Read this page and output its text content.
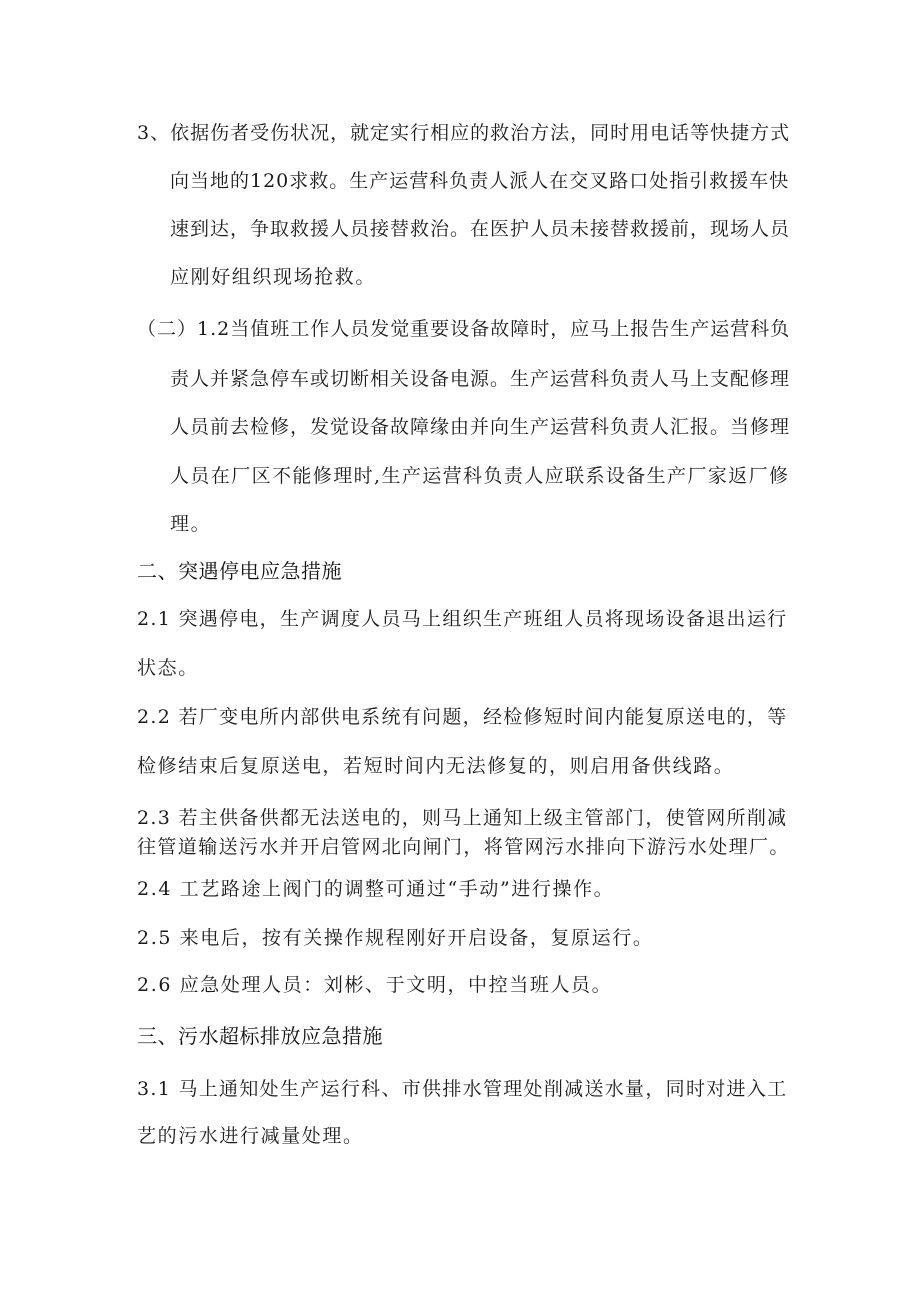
3、依据伤者受伤状况，就定实行相应的救治方法，同时用电话等快捷方式
向当地的120求救。生产运营科负责人派人在交叉路口处指引救援车快
速到达，争取救援人员接替救治。在医护人员未接替救援前，现场人员
应刚好组织现场抢救。
（二）1.2当值班工作人员发觉重要设备故障时，应马上报告生产运营科负
责人并紧急停车或切断相关设备电源。生产运营科负责人马上支配修理
人员前去检修，发觉设备故障缘由并向生产运营科负责人汇报。当修理
人员在厂区不能修理时,生产运营科负责人应联系设备生产厂家返厂修
理。
二、突遇停电应急措施
2.1 突遇停电，生产调度人员马上组织生产班组人员将现场设备退出运行
状态。
2.2 若厂变电所内部供电系统有问题，经检修短时间内能复原送电的，等
检修结束后复原送电，若短时间内无法修复的，则启用备供线路。
2.3 若主供备供都无法送电的，则马上通知上级主管部门，使管网所削减
往管道输送污水并开启管网北向闸门，将管网污水排向下游污水处理厂。
2.4 工艺路途上阀门的调整可通过“手动”进行操作。
2.5 来电后，按有关操作规程刚好开启设备，复原运行。
2.6 应急处理人员：刘彬、于文明，中控当班人员。
三、污水超标排放应急措施
3.1 马上通知处生产运行科、市供排水管理处削减送水量，同时对进入工
艺的污水进行减量处理。
